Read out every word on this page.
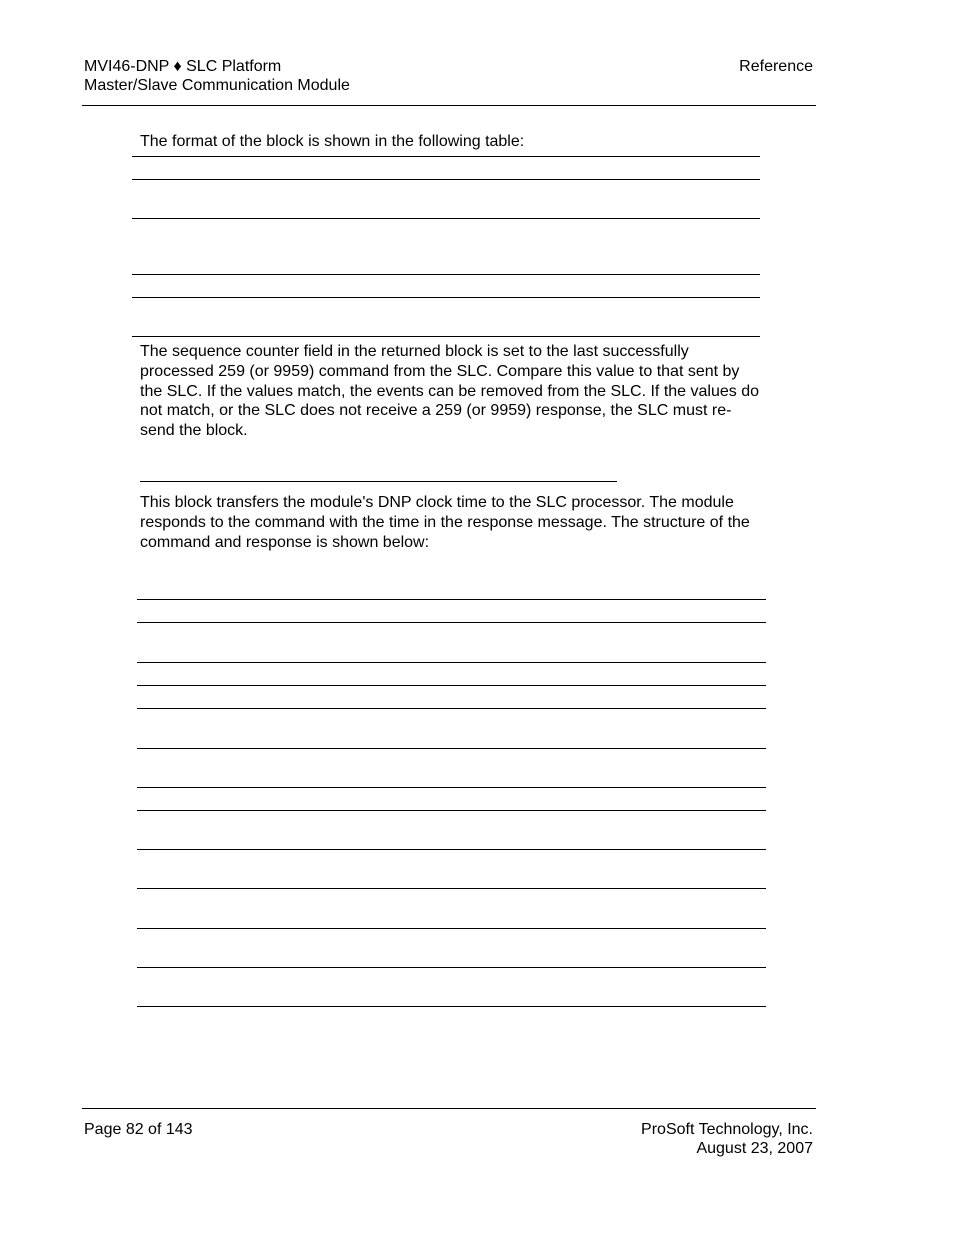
MVI46-DNP ♦ SLC Platform
Master/Slave Communication Module
Reference
The format of the block is shown in the following table:
The sequence counter field in the returned block is set to the last successfully processed 259 (or 9959) command from the SLC. Compare this value to that sent by the SLC. If the values match, the events can be removed from the SLC. If the values do not match, or the SLC does not receive a 259 (or 9959) response, the SLC must re-send the block.
This block transfers the module's DNP clock time to the SLC processor. The module responds to the command with the time in the response message. The structure of the command and response is shown below:
Page 82 of 143	ProSoft Technology, Inc.
August 23, 2007
